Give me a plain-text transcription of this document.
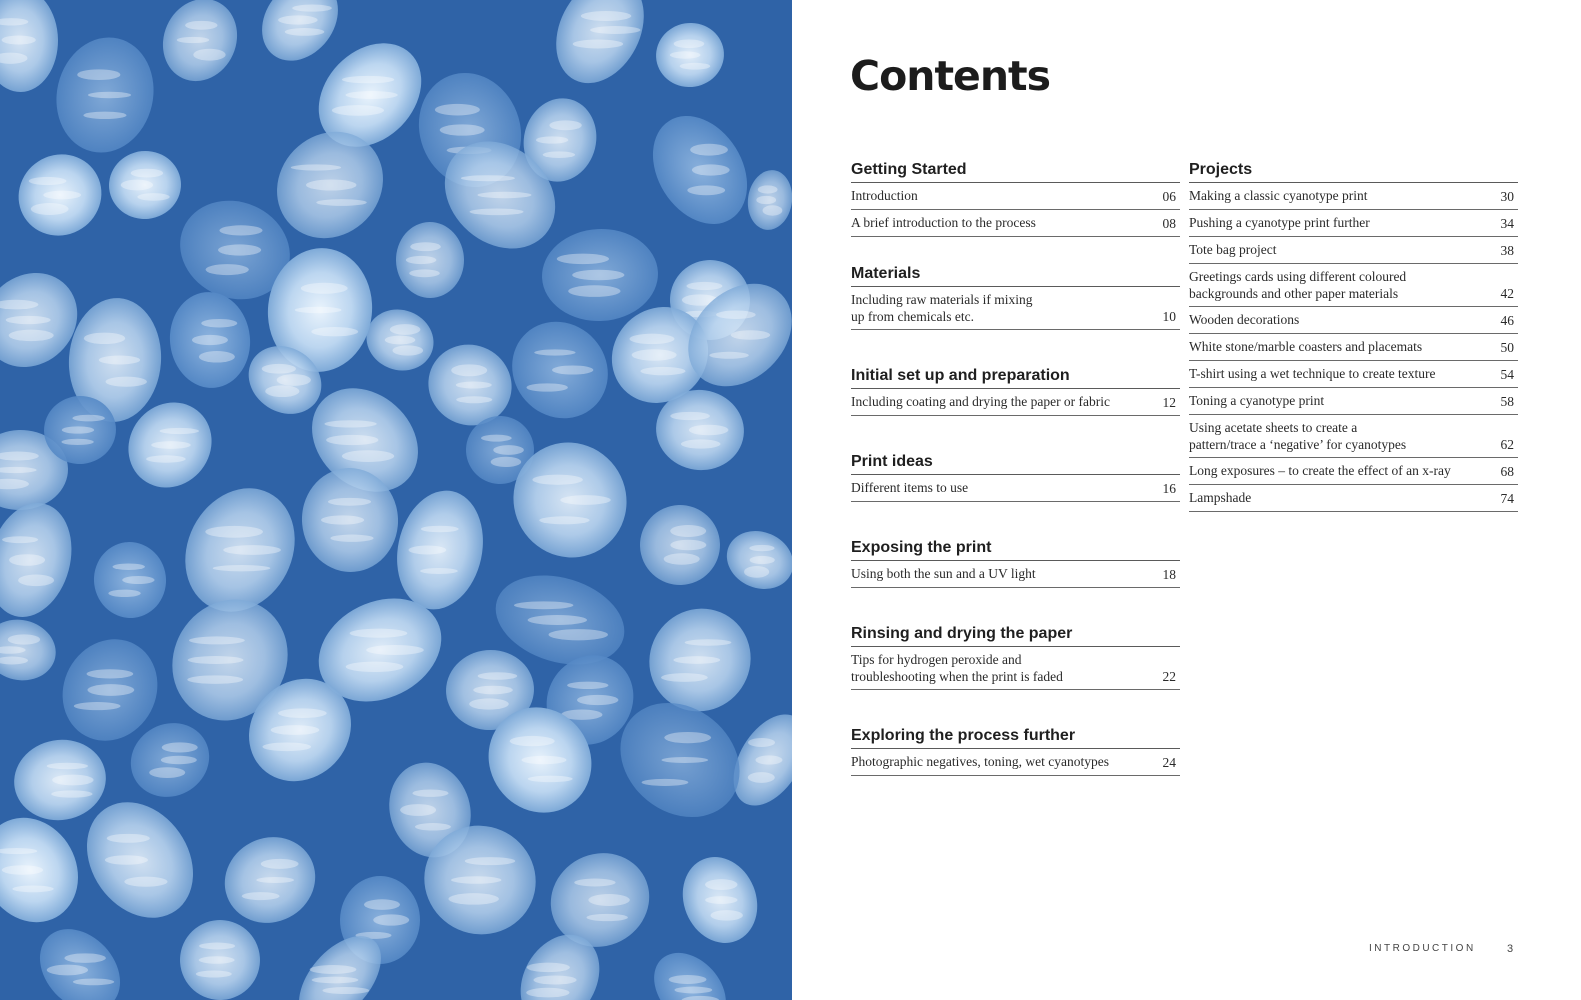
Contents
Getting Started
Introduction	06
A brief introduction to the process	08
Materials
Including raw materials if mixing
up from chemicals etc.	10
Initial set up and preparation
Including coating and drying the paper or fabric	12
Print ideas
Different items to use	16
Exposing the print
Using both the sun and a UV light	18
Rinsing and drying the paper
Tips for hydrogen peroxide and
troubleshooting when the print is faded	22
Exploring the process further
Photographic negatives, toning, wet cyanotypes	24
Projects
Making a classic cyanotype print	30
Pushing a cyanotype print further	34
Tote bag project	38
Greetings cards using different coloured
backgrounds and other paper materials	42
Wooden decorations	46
White stone/marble coasters and placemats	50
T-shirt using a wet technique to create texture	54
Toning a cyanotype print	58
Using acetate sheets to create a
pattern/trace a ‘negative’ for cyanotypes	62
Long exposures – to create the effect of an x-ray	68
Lampshade	74
INTRODUCTION	3
